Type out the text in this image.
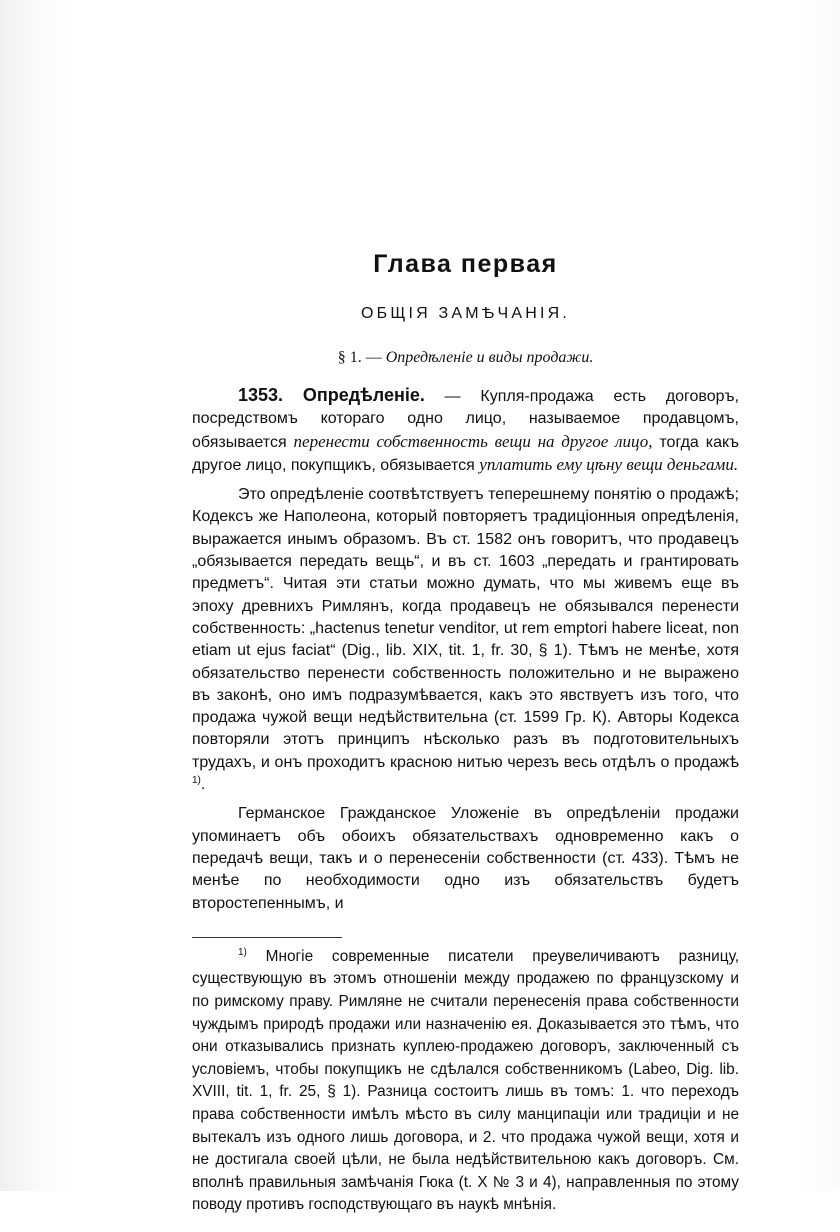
Глава первая
ОБЩІЯ ЗАМѢЧАНІЯ.
§ 1. — Опредѣленіе и виды продажи.

1353. Опредѣленіе. — Купля-продажа есть договоръ, посредствомъ котораго одно лицо, называемое продавцомъ, обязывается перенести собственность вещи на другое лицо, тогда какъ другое лицо, покупщикъ, обязывается уплатить ему цѣну вещи деньгами.

Это опредѣленіе соотвѣтствуетъ теперешнему понятію о продажѣ; Кодексъ же Наполеона, который повторяетъ традиціонныя опредѣленія, выражается инымъ образомъ. Въ ст. 1582 онъ говоритъ, что продавецъ „обязывается передать вещь“, и въ ст. 1603 „передать и грантировать предметъ“. Читая эти статьи можно думать, что мы живемъ еще въ эпоху древнихъ Римлянъ, когда продавецъ не обязывался перенести собственность: „hactenus tenetur venditor, ut rem emptori habere liceat, non etiam ut ejus faciat“ (Dig., lib. XIX, tit. 1, fr. 30, § 1). Тѣмъ не менѣе, хотя обязательство перенести собственность положительно и не выражено въ законѣ, оно имъ подразумѣвается, какъ это явствуетъ изъ того, что продажа чужой вещи недѣйствительна (ст. 1599 Гр. К). Авторы Кодекса повторяли этотъ принципъ нѣсколько разъ въ подготовительныхъ трудахъ, и онъ проходитъ красною нитью черезъ весь отдѣлъ о продажѣ $^{1)}$.

Германское Гражданское Уложеніе въ опредѣленіи продажи упоминаетъ объ обоихъ обязательствахъ одновременно какъ о передачѣ вещи, такъ и о перенесеніи собственности (ст. 433). Тѣмъ не менѣе по необходимости одно изъ обязательствъ будетъ второстепеннымъ, и

$^{1)}$ Многіе современные писатели преувеличиваютъ разницу, существующую въ этомъ отношеніи между продажею по французскому и по римскому праву. Римляне не считали перенесенія права собственности чуждымъ природѣ продажи или назначенію ея. Доказывается это тѣмъ, что они отказывались признать куплею-продажею договоръ, заключенный съ условіемъ, чтобы покупщикъ не сдѣлался собственникомъ (Labeo, Dig. lib. XVIII, tit. 1, fr. 25, § 1). Разница состоитъ лишь въ томъ: 1. что переходъ права собственности имѣлъ мѣсто въ силу манципаціи или традиціи и не вытекалъ изъ одного лишь договора, и 2. что продажа чужой вещи, хотя и не достигала своей цѣли, не была недѣйствительною какъ договоръ. См. вполнѣ правильныя замѣчанія Гюка (t. X № 3 и 4), направленныя по этому поводу противъ господствующаго въ наукѣ мнѣнія.
